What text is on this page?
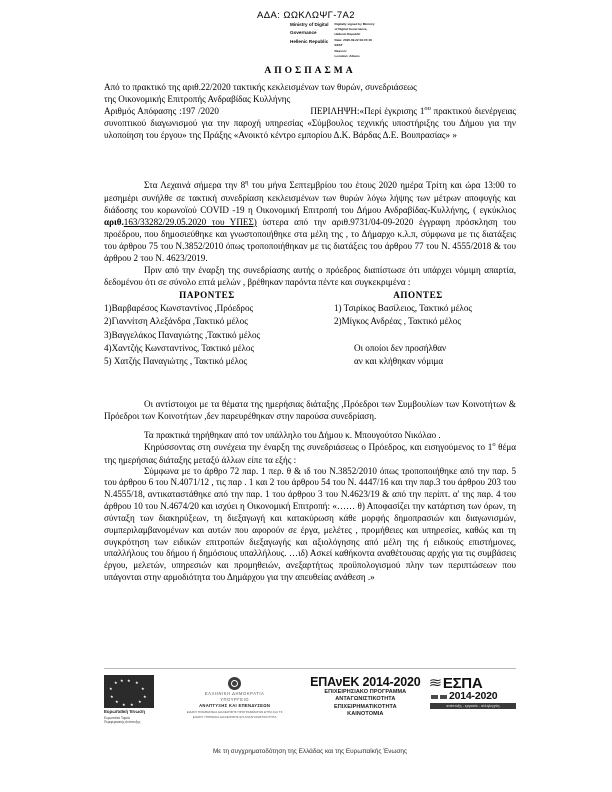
ΑΔΑ: ΩΩΚΛΩΨΓ-7Α2
Ministry of Digital
Governance
Hellenic Republic
Digitally signed by Ministry
of Digital Governance,
Hellenic Republic
Date: 2020.09.22 09:15:18
EEST
Reason:
Location: Athens
ΑΠΟΣΠΑΣΜΑ

Από το πρακτικό της αριθ.22/2020 τακτικής κεκλεισμένων των θυρών, συνεδριάσεως
της Οικονομικής Επιτροπής Ανδραβίδας Κυλλήνης

Αριθμός Απόφασης :197 /2020	ΠΕΡΙΛΗΨΗ:«Περί έγκρισης $1^{o\upsilon}$ πρακτικού διενέργειας συνοπτικού διαγωνισμού για την παροχή υπηρεσίας «Σύμβουλος τεχνικής υποστήριξης του Δήμου για την υλοποίηση του έργου» της Πράξης «Ανοικτό κέντρο εμπορίου Δ.Κ. Βάρδας Δ.Ε. Βουπρασίας» »

Στα Λεχαινά σήμερα την $8^\eta$ του μήνα Σεπτεμβρίου του έτους 2020 ημέρα Τρίτη και ώρα 13:00 το μεσημέρι συνήλθε σε τακτική συνεδρίαση κεκλεισμένων των θυρών λόγω λήψης των μέτρων αποφυγής και διάδοσης του κορωνοϊού COVID -19 η Οικονομική Επιτροπή του Δήμου Ανδραβίδας-Κυλλήνης, ( εγκύκλιος αριθ.163/33282/29.05.2020 του ΥΠΕΣ) ύστερα από την αριθ.9731/04-09-2020 έγγραφη πρόσκληση του προέδρου, που δημοσιεύθηκε και γνωστοποιήθηκε στα μέλη της , το Δήμαρχο κ.λ.π, σύμφωνα με τις διατάξεις του άρθρου 75 του Ν.3852/2010 όπως τροποποιήθηκαν με τις διατάξεις του άρθρου 77 του Ν. 4555/2018 & του άρθρου 2 του Ν. 4623/2019.

Πριν από την έναρξη της συνεδρίασης αυτής ο πρόεδρος διαπίστωσε ότι υπάρχει νόμιμη απαρτία, δεδομένου ότι σε σύνολο επτά μελών , βρέθηκαν παρόντα πέντε και συγκεκριμένα :

ΠΑΡΟΝΤΕΣ
1)Βαρβαρέσος Κωνσταντίνος ,Πρόεδρος
2)Γιαννίτση Αλεξάνδρα ,Τακτικό μέλος
3)Βαγγελάκος Παναγιώτης ,Τακτικό μέλος
4)Χαντζής Κωνσταντίνος, Τακτικό μέλος
5) Χατζής Παναγιώτης , Τακτικό μέλος
ΑΠΟΝΤΕΣ
1) Τσιρίκος Βασίλειος, Τακτικό μέλος
2)Μίγκος Ανδρέας , Τακτικό μέλος

Οι οποίοι δεν προσήλθαν
αν και κλήθηκαν νόμιμα

Οι αντίστοιχοι με τα θέματα της ημερήσιας διάταξης ,Πρόεδροι των Συμβουλίων των Κοινοτήτων & Πρόεδροι των Κοινοτήτων ,δεν παρευρέθηκαν στην παρούσα συνεδρίαση.

Τα πρακτικά τηρήθηκαν από τον υπάλληλο του Δήμου κ. Μπουγούτσο Νικόλαο .

Κηρύσσοντας στη συνέχεια την έναρξη της συνεδριάσεως ο Πρόεδρος, και εισηγούμενος το $1^o$ θέμα της ημερήσιας διάταξης μεταξύ άλλων είπε τα εξής :

Σύμφωνα με το άρθρο 72 παρ. 1 περ. θ & ιδ του Ν.3852/2010 όπως τροποποιήθηκε από την παρ. 5 του άρθρου 6 του Ν.4071/12 , τις παρ . 1 και 2 του άρθρου 54 του Ν. 4447/16 και την παρ.3 του άρθρου 203 του Ν.4555/18, αντικαταστάθηκε από την παρ. 1 του άρθρου 3 του Ν.4623/19 & από την περίπτ. α' της παρ. 4 του άρθρου 10 του Ν.4674/20 και ισχύει η Οικονομική Επιτροπή: «…… θ) Αποφασίζει την κατάρτιση των όρων, τη σύνταξη των διακηρύξεων, τη διεξαγωγή και κατακύρωση κάθε μορφής δημοπρασιών και διαγωνισμών, συμπεριλαμβανομένων και αυτών που αφορούν σε έργα, μελέτες , προμήθειες και υπηρεσίες, καθώς και τη συγκρότηση των ειδικών επιτροπών διεξαγωγής και αξιολόγησης από μέλη της ή ειδικούς επιστήμονες, υπαλλήλους του δήμου ή δημόσιους υπαλλήλους. …ιδ) Ασκεί καθήκοντα αναθέτουσας αρχής για τις συμβάσεις έργου, μελετών, υπηρεσιών και προμηθειών, ανεξαρτήτως προϋπολογισμού πλην των περιπτώσεων που υπάγονται στην αρμοδιότητα του Δημάρχου για την απευθείας ανάθεση .»

★ ★
★
★
★
★
★
★
★
★
★ ★
Ευρωπαϊκή Ένωση
Ευρωπαϊκό Ταμείο
Περιφερειακής Ανάπτυξης
ΕΛΛΗΝΙΚΗ ΔΗΜΟΚΡΑΤΙΑ
ΥΠΟΥΡΓΕΙΟ
ΑΝΑΠΤΥΞΗΣ ΚΑΙ ΕΠΕΝΔΥΣΕΩΝ
ΕΙΔΙΚΗ ΓΡΑΜΜΑΤΕΙΑ ΔΙΑΧΕΙΡΙΣΗΣ ΠΡΟΓΡΑΜΜΑΤΩΝ ΕΤΠΑ ΚΑΙ ΤΣ
ΕΙΔΙΚΗ ΥΠΗΡΕΣΙΑ ΔΙΑΧΕΙΡΙΣΗΣ ΕΠ ΑΝΤΑΓΩΝΙΣΤΙΚΟΤΗΤΑ
ΕΠΑνΕΚ 2014-2020
ΕΠΙΧΕΙΡΗΣΙΑΚΟ ΠΡΟΓΡΑΜΜΑ
ΑΝΤΑΓΩΝΙΣΤΙΚΟΤΗΤΑ
ΕΠΙΧΕΙΡΗΜΑΤΙΚΟΤΗΤΑ
ΚΑΙΝΟΤΟΜΙΑ
≋ ΕΣΠΑ
2014-2020
ανάπτυξη - εργασία - αλληλεγγύη
Με τη συγχρηματοδότηση της Ελλάδας και της Ευρωπαϊκής Ένωσης
